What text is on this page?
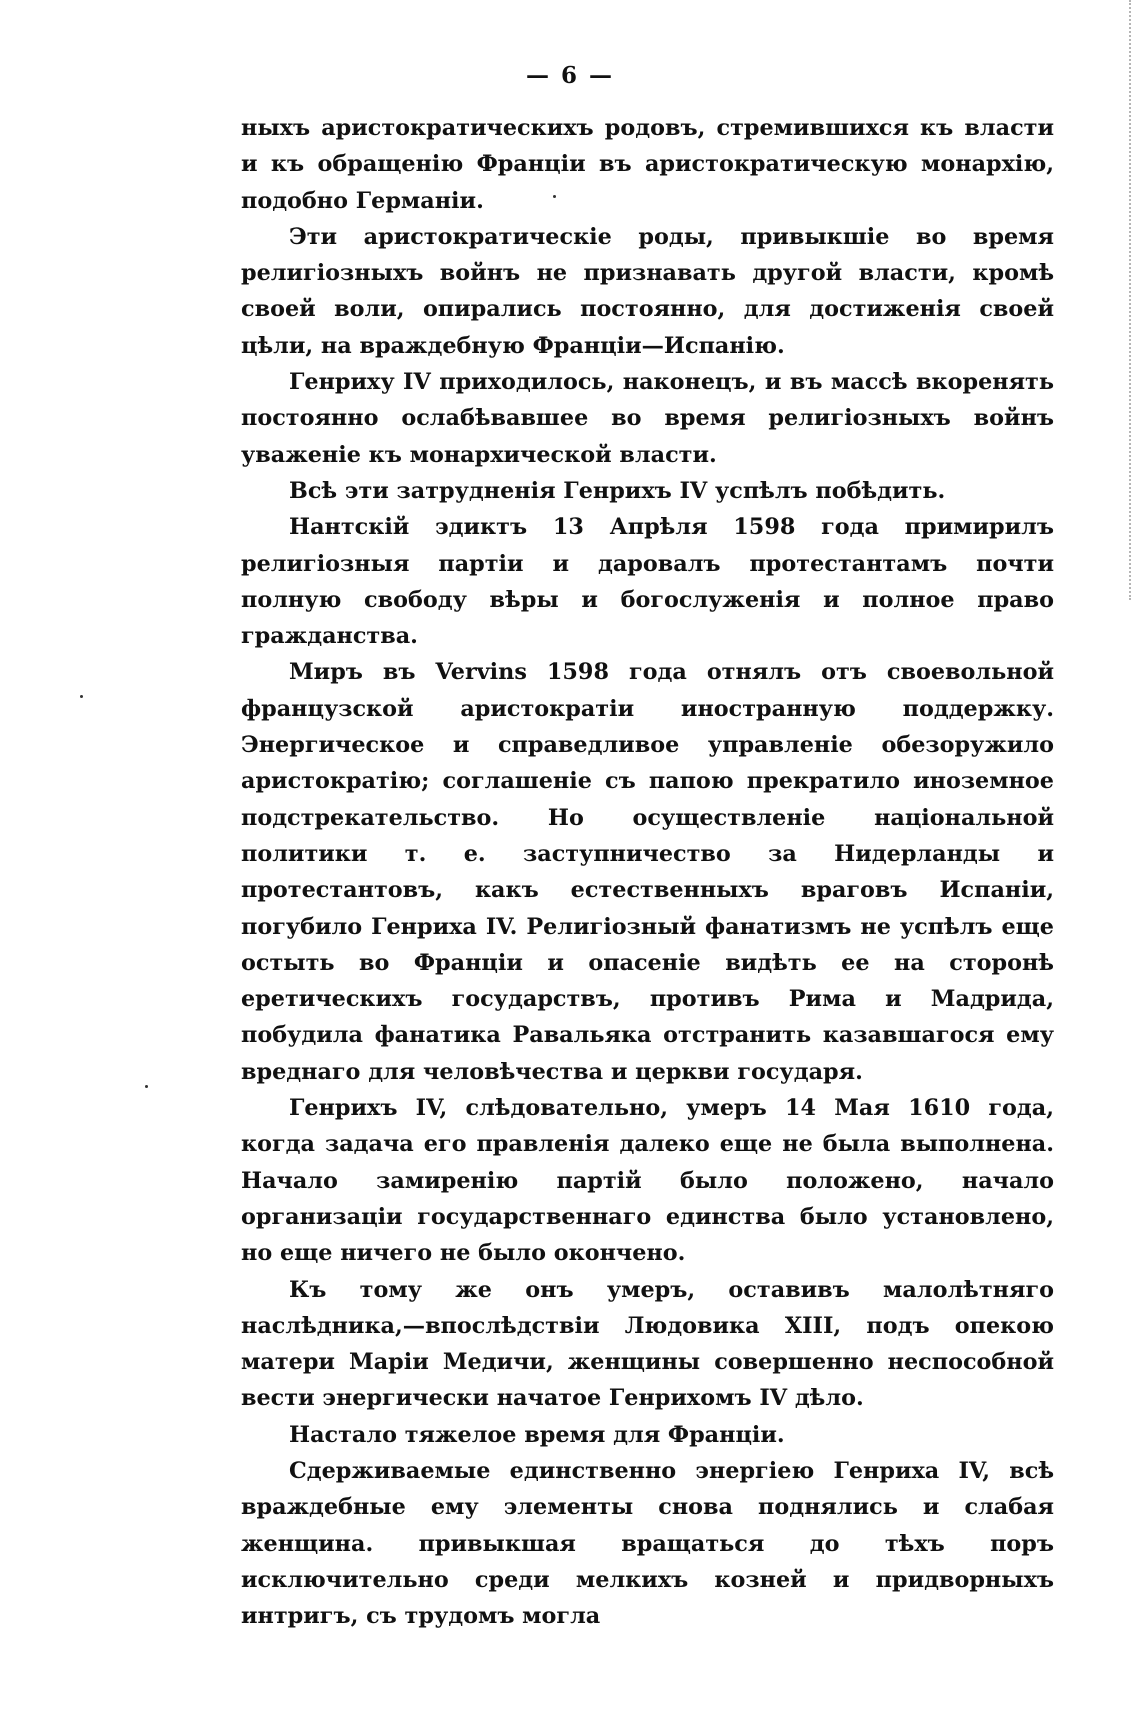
— 6 —

ныхъ аристократическихъ родовъ, стремившихся къ власти и къ обращенію Франціи въ аристократическую монархію, подобно Германіи.

Эти аристократическіе роды, привыкшіе во время религіозныхъ войнъ не признавать другой власти, кромѣ своей воли, опирались постоянно, для достиженія своей цѣли, на враждебную Франціи—Испанію.

Генриху IV приходилось, наконецъ, и въ массѣ вкоренять постоянно ослабѣвавшее во время религіозныхъ войнъ уваженіе къ монархической власти.

Всѣ эти затрудненія Генрихъ IV успѣлъ побѣдить.

Нантскій эдиктъ 13 Апрѣля 1598 года примирилъ религіозныя партіи и даровалъ протестантамъ почти полную свободу вѣры и богослуженія и полное право гражданства.

Миръ въ Vervins 1598 года отнялъ отъ своевольной французской аристократіи иностранную поддержку. Энергическое и справедливое управленіе обезоружило аристократію; соглашеніе съ папою прекратило иноземное подстрекательство. Но осуществленіе національной политики т. е. заступничество за Нидерланды и протестантовъ, какъ естественныхъ враговъ Испаніи, погубило Генриха IV. Религіозный фанатизмъ не успѣлъ еще остыть во Франціи и опасеніе видѣть ее на сторонѣ еретическихъ государствъ, противъ Рима и Мадрида, побудила фанатика Равальяка отстранить казавшагося ему вреднаго для человѣчества и церкви государя.

Генрихъ IV, слѣдовательно, умеръ 14 Мая 1610 года, когда задача его правленія далеко еще не была выполнена. Начало замиренію партій было положено, начало организаціи государственнаго единства было установлено, но еще ничего не было окончено.

Къ тому же онъ умеръ, оставивъ малолѣтняго наслѣдника,—впослѣдствіи Людовика XIII, подъ опекою матери Маріи Медичи, женщины совершенно неспособной вести энергически начатое Генрихомъ IV дѣло.

Настало тяжелое время для Франціи.

Сдерживаемые единственно энергіею Генриха IV, всѣ враждебные ему элементы снова поднялись и слабая женщина. привыкшая вращаться до тѣхъ поръ исключительно среди мелкихъ козней и придворныхъ интригъ, съ трудомъ могла
